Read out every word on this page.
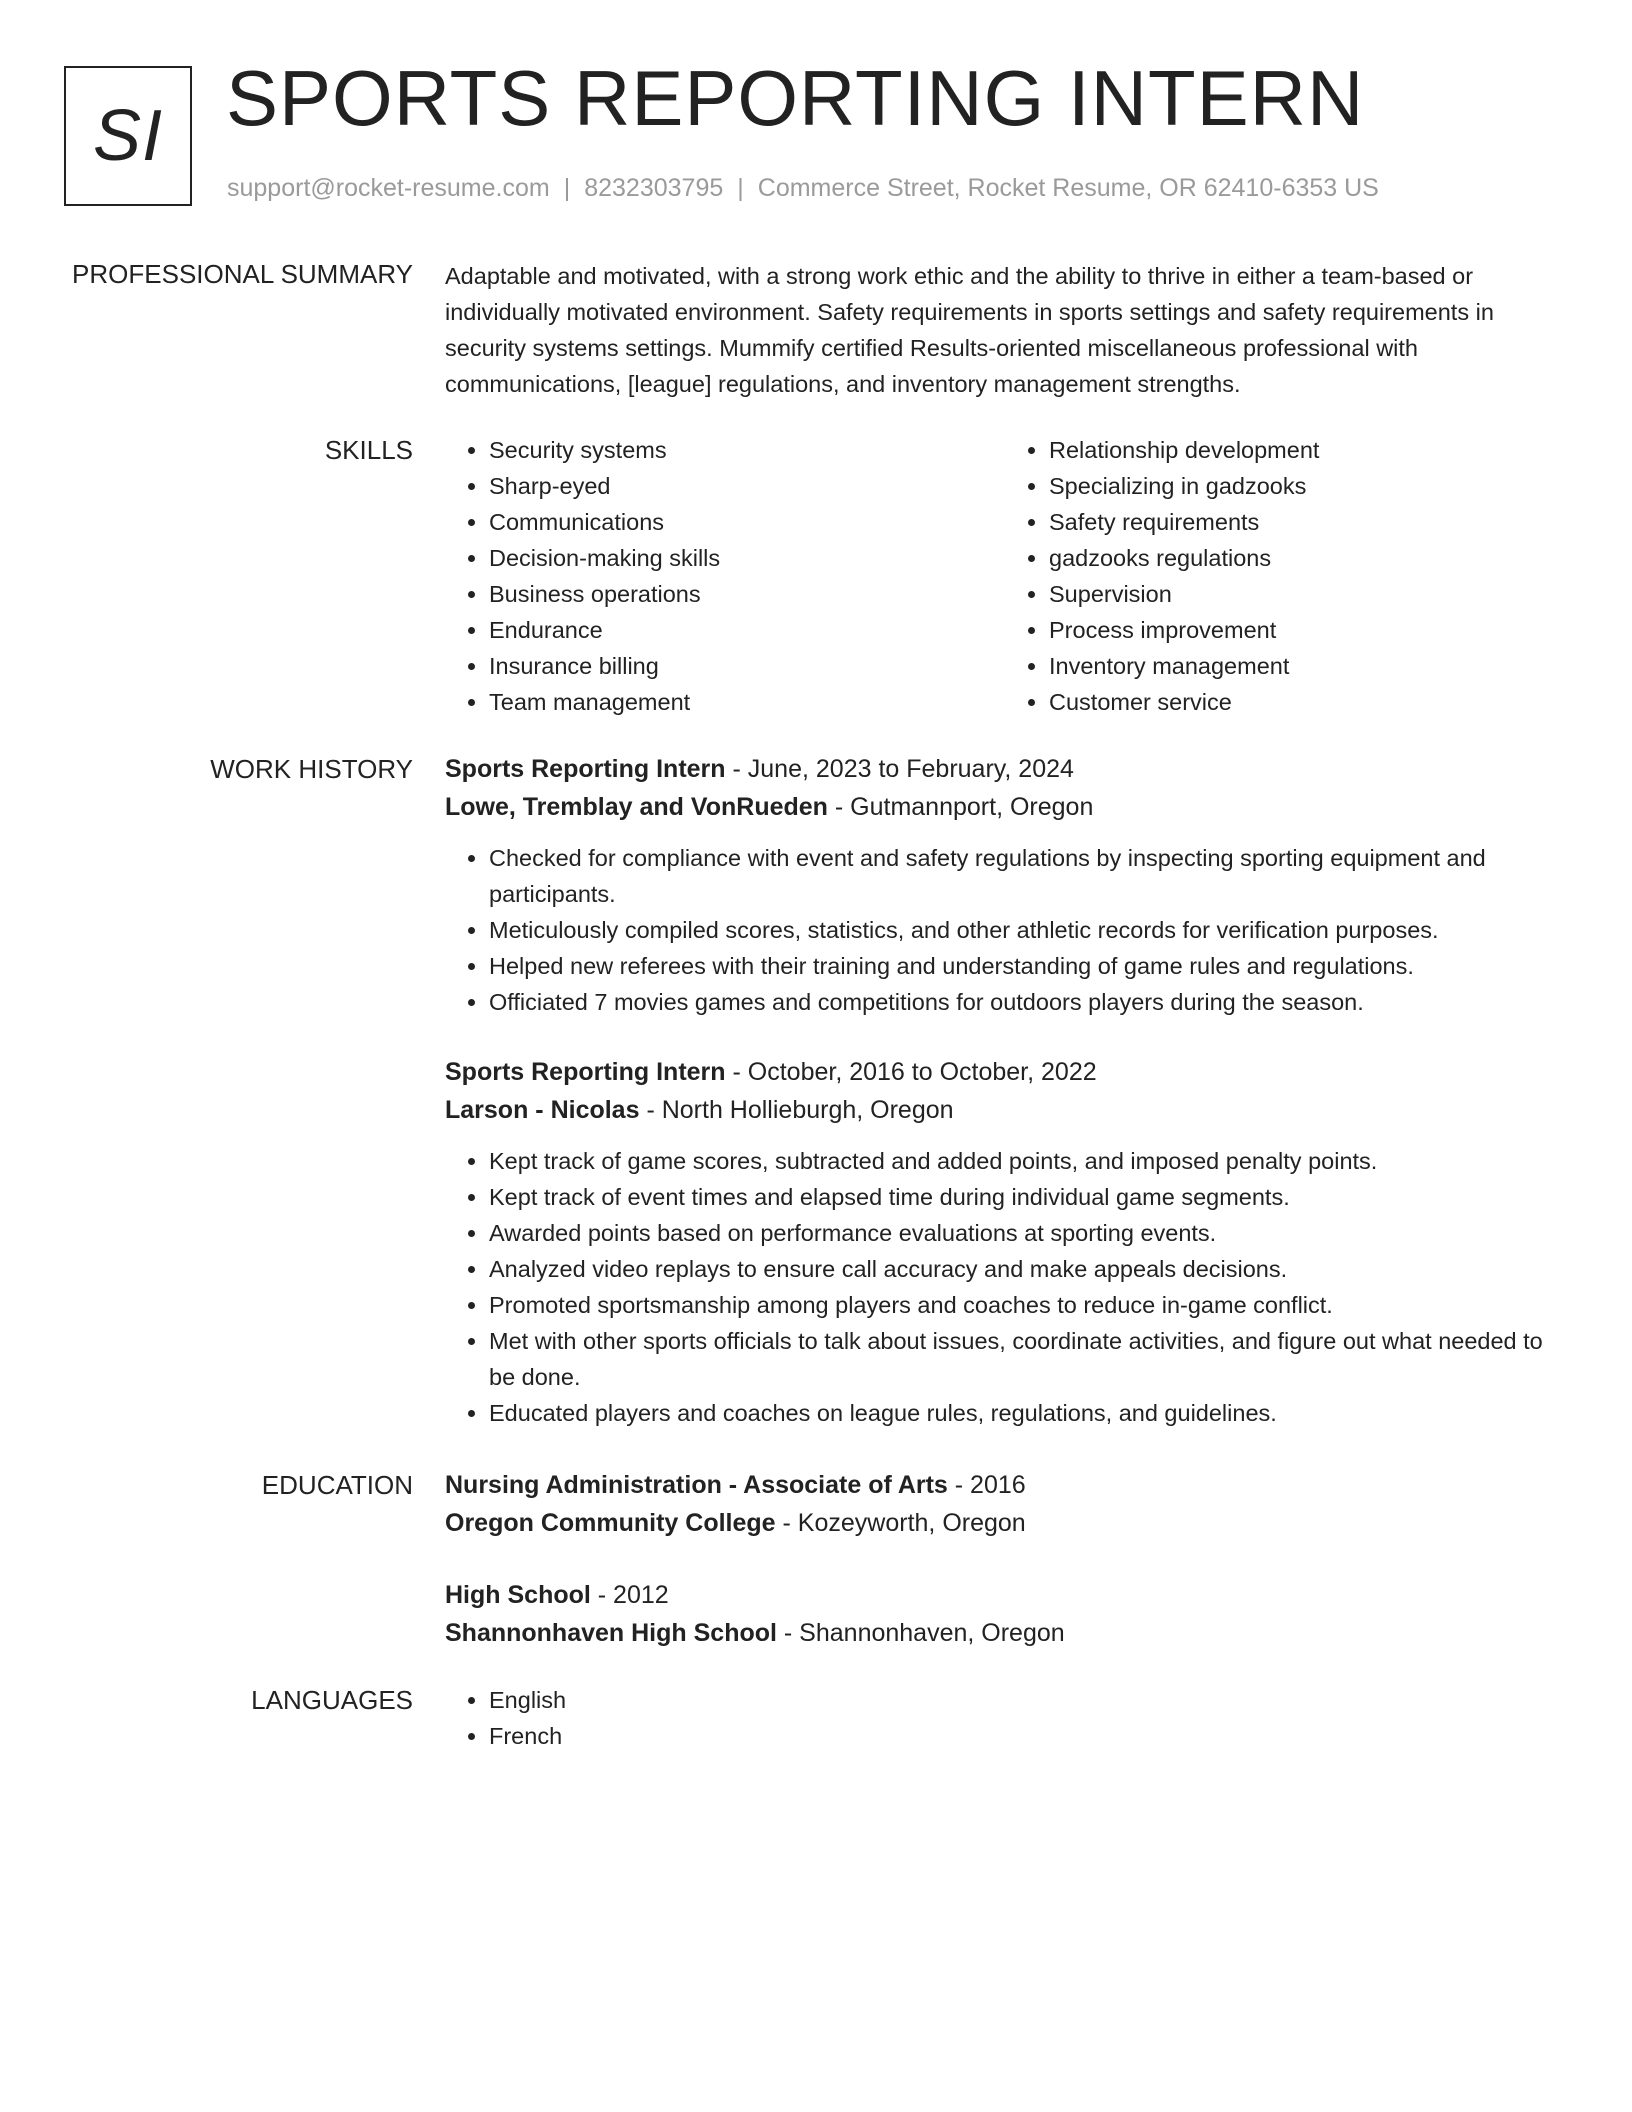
SI SPORTS REPORTING INTERN
support@rocket-resume.com | 8232303795 | Commerce Street, Rocket Resume, OR 62410-6353 US
PROFESSIONAL SUMMARY Adaptable and motivated, with a strong work ethic and the ability to thrive in either a team-based or individually motivated environment. Safety requirements in sports settings and safety requirements in security systems settings. Mummify certified Results-oriented miscellaneous professional with communications, [league] regulations, and inventory management strengths.

SKILLS	• Security systems
• Sharp-eyed
• Communications
• Decision-making skills
• Business operations
• Endurance
• Insurance billing
• Team management
• Relationship development
• Specializing in gadzooks
• Safety requirements
• gadzooks regulations
• Supervision
• Process improvement
• Inventory management
• Customer service
WORK HISTORY Sports Reporting Intern - June, 2023 to February, 2024
Lowe, Tremblay and VonRueden - Gutmannport, Oregon
• Checked for compliance with event and safety regulations by inspecting sporting equipment and participants.
• Meticulously compiled scores, statistics, and other athletic records for verification purposes.
• Helped new referees with their training and understanding of game rules and regulations.
• Officiated 7 movies games and competitions for outdoors players during the season.
Sports Reporting Intern - October, 2016 to October, 2022
Larson - Nicolas - North Hollieburgh, Oregon
• Kept track of game scores, subtracted and added points, and imposed penalty points.
• Kept track of event times and elapsed time during individual game segments.
• Awarded points based on performance evaluations at sporting events.
• Analyzed video replays to ensure call accuracy and make appeals decisions.
• Promoted sportsmanship among players and coaches to reduce in-game conflict.
• Met with other sports officials to talk about issues, coordinate activities, and figure out what needed to be done.
• Educated players and coaches on league rules, regulations, and guidelines.
EDUCATION Nursing Administration - Associate of Arts - 2016
Oregon Community College - Kozeyworth, Oregon
High School - 2012
Shannonhaven High School - Shannonhaven, Oregon
LANGUAGES	• English
• French
